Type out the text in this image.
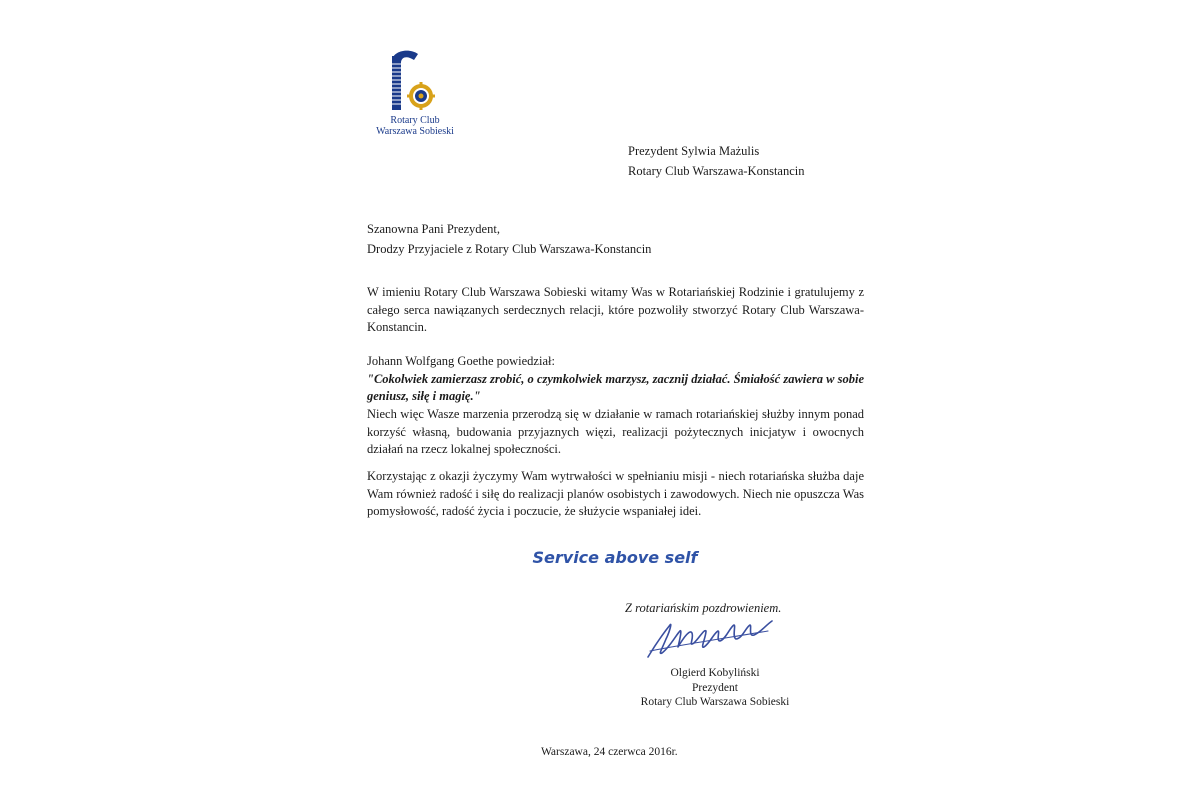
Rotary Club
Warszawa Sobieski
Prezydent Sylwia Mażulis
Rotary Club Warszawa-Konstancin
Szanowna Pani Prezydent,
Drodzy Przyjaciele z Rotary Club Warszawa-Konstancin
W imieniu Rotary Club Warszawa Sobieski witamy Was w Rotariańskiej Rodzinie i gratulujemy z całego serca nawiązanych serdecznych relacji, które pozwoliły stworzyć Rotary Club Warszawa-Konstancin.
Johann Wolfgang Goethe powiedział:
"Cokolwiek zamierzasz zrobić, o czymkolwiek marzysz, zacznij działać. Śmiałość zawiera w sobie geniusz, siłę i magię."
Niech więc Wasze marzenia przerodzą się w działanie w ramach rotariańskiej służby innym ponad korzyść własną, budowania przyjaznych więzi, realizacji pożytecznych inicjatyw i owocnych działań na rzecz lokalnej społeczności.
Korzystając z okazji życzymy Wam wytrwałości w spełnianiu misji - niech rotariańska służba daje Wam również radość i siłę do realizacji planów osobistych i zawodowych. Niech nie opuszcza Was pomysłowość, radość życia i poczucie, że służycie wspaniałej idei.
Service above self
Z rotariańskim pozdrowieniem.
Olgierd Kobyliński
Prezydent
Rotary Club Warszawa Sobieski
Warszawa, 24 czerwca 2016r.
